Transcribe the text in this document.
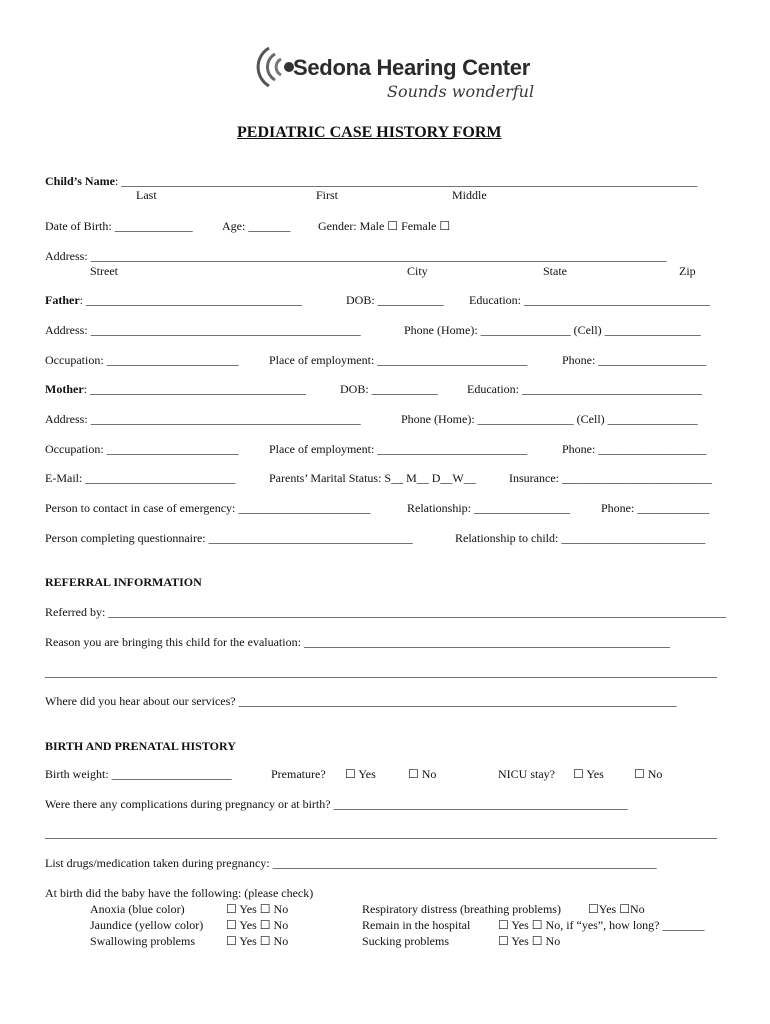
Sedona Hearing Center
Sounds wonderful
PEDIATRIC CASE HISTORY FORM
Child’s Name: ________________________________________________________________________________________________
Last	First	Middle
Date of Birth: _____________ Age: _______ Gender: Male ☐ Female ☐
Address: ________________________________________________________________________________________________
Street	City	State	Zip
Father: ____________________________________	DOB: ___________ Education: _______________________________
Address: _____________________________________________	Phone (Home): _______________ (Cell) ________________
Occupation: ______________________	Place of employment: _________________________	Phone: __________________
Mother: ____________________________________	DOB: ___________ Education: ______________________________
Address: _____________________________________________	Phone (Home): ________________ (Cell) _______________
Occupation: ______________________	Place of employment: _________________________	Phone: __________________
E-Mail: _________________________	Parents’ Marital Status: S__ M__ D__W__	Insurance: _________________________
Person to contact in case of emergency: ______________________	Relationship: ________________	Phone: ____________
Person completing questionnaire: __________________________________	Relationship to child: ________________________
REFERRAL INFORMATION
Referred by: _______________________________________________________________________________________________________
Reason you are bringing this child for the evaluation: _____________________________________________________________
________________________________________________________________________________________________________________
Where did you hear about our services? _________________________________________________________________________
BIRTH AND PRENATAL HISTORY
Birth weight: ____________________	Premature? ☐ Yes	☐ No	NICU stay? ☐ Yes	☐ No
Were there any complications during pregnancy or at birth? _________________________________________________
________________________________________________________________________________________________________________
List drugs/medication taken during pregnancy: ________________________________________________________________
At birth did the baby have the following: (please check)
Anoxia (blue color)	☐ Yes ☐ No	Respiratory distress (breathing problems) ☐Yes ☐No
Jaundice (yellow color) ☐ Yes ☐ No	Remain in the hospital ☐ Yes ☐ No, if “yes”, how long? _______
Swallowing problems	☐ Yes ☐ No	Sucking problems	☐ Yes ☐ No
